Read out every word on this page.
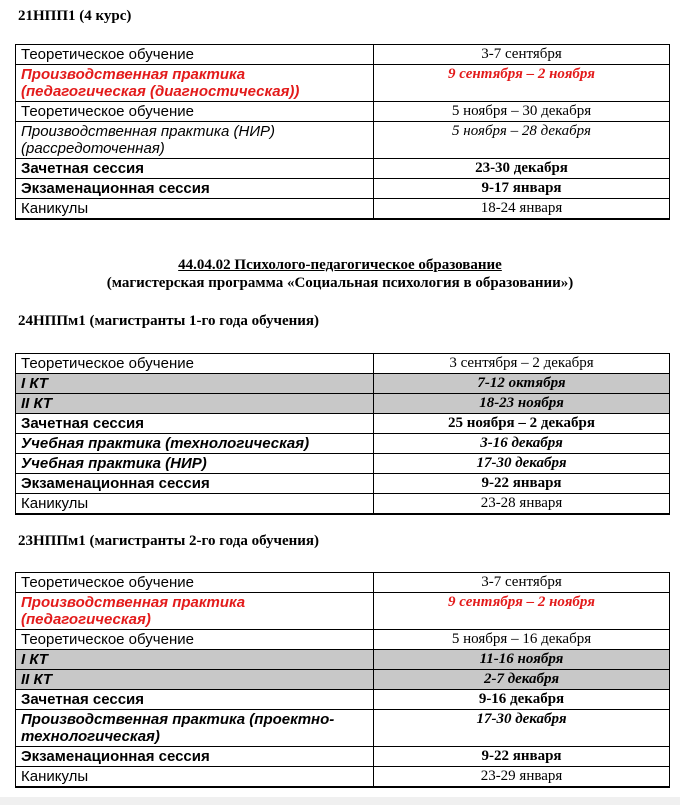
21НПП1 (4 курс)
Теоретическое обучение	3-7 сентября
Производственная практика (педагогическая (диагностическая))	9 сентября – 2 ноября
Теоретическое обучение	5 ноября – 30 декабря
Производственная практика (НИР) (рассредоточенная)	5 ноября – 28 декабря
Зачетная сессия	23-30 декабря
Экзаменационная сессия	9-17 января
Каникулы	18-24 января
44.04.02 Психолого-педагогическое образование
(магистерская программа «Социальная психология в образовании»)
24НППм1 (магистранты 1-го года обучения)
Теоретическое обучение	3 сентября – 2 декабря
I КТ	7-12 октября
II КТ	18-23 ноября
Зачетная сессия	25 ноября – 2 декабря
Учебная практика (технологическая)	3-16 декабря
Учебная практика (НИР)	17-30 декабря
Экзаменационная сессия	9-22 января
Каникулы	23-28 января
23НППм1 (магистранты 2-го года обучения)
Теоретическое обучение	3-7 сентября
Производственная практика (педагогическая)	9 сентября – 2 ноября
Теоретическое обучение	5 ноября – 16 декабря
I КТ	11-16 ноября
II КТ	2-7 декабря
Зачетная сессия	9-16 декабря
Производственная практика (проектно-технологическая)	17-30 декабря
Экзаменационная сессия	9-22 января
Каникулы	23-29 января
